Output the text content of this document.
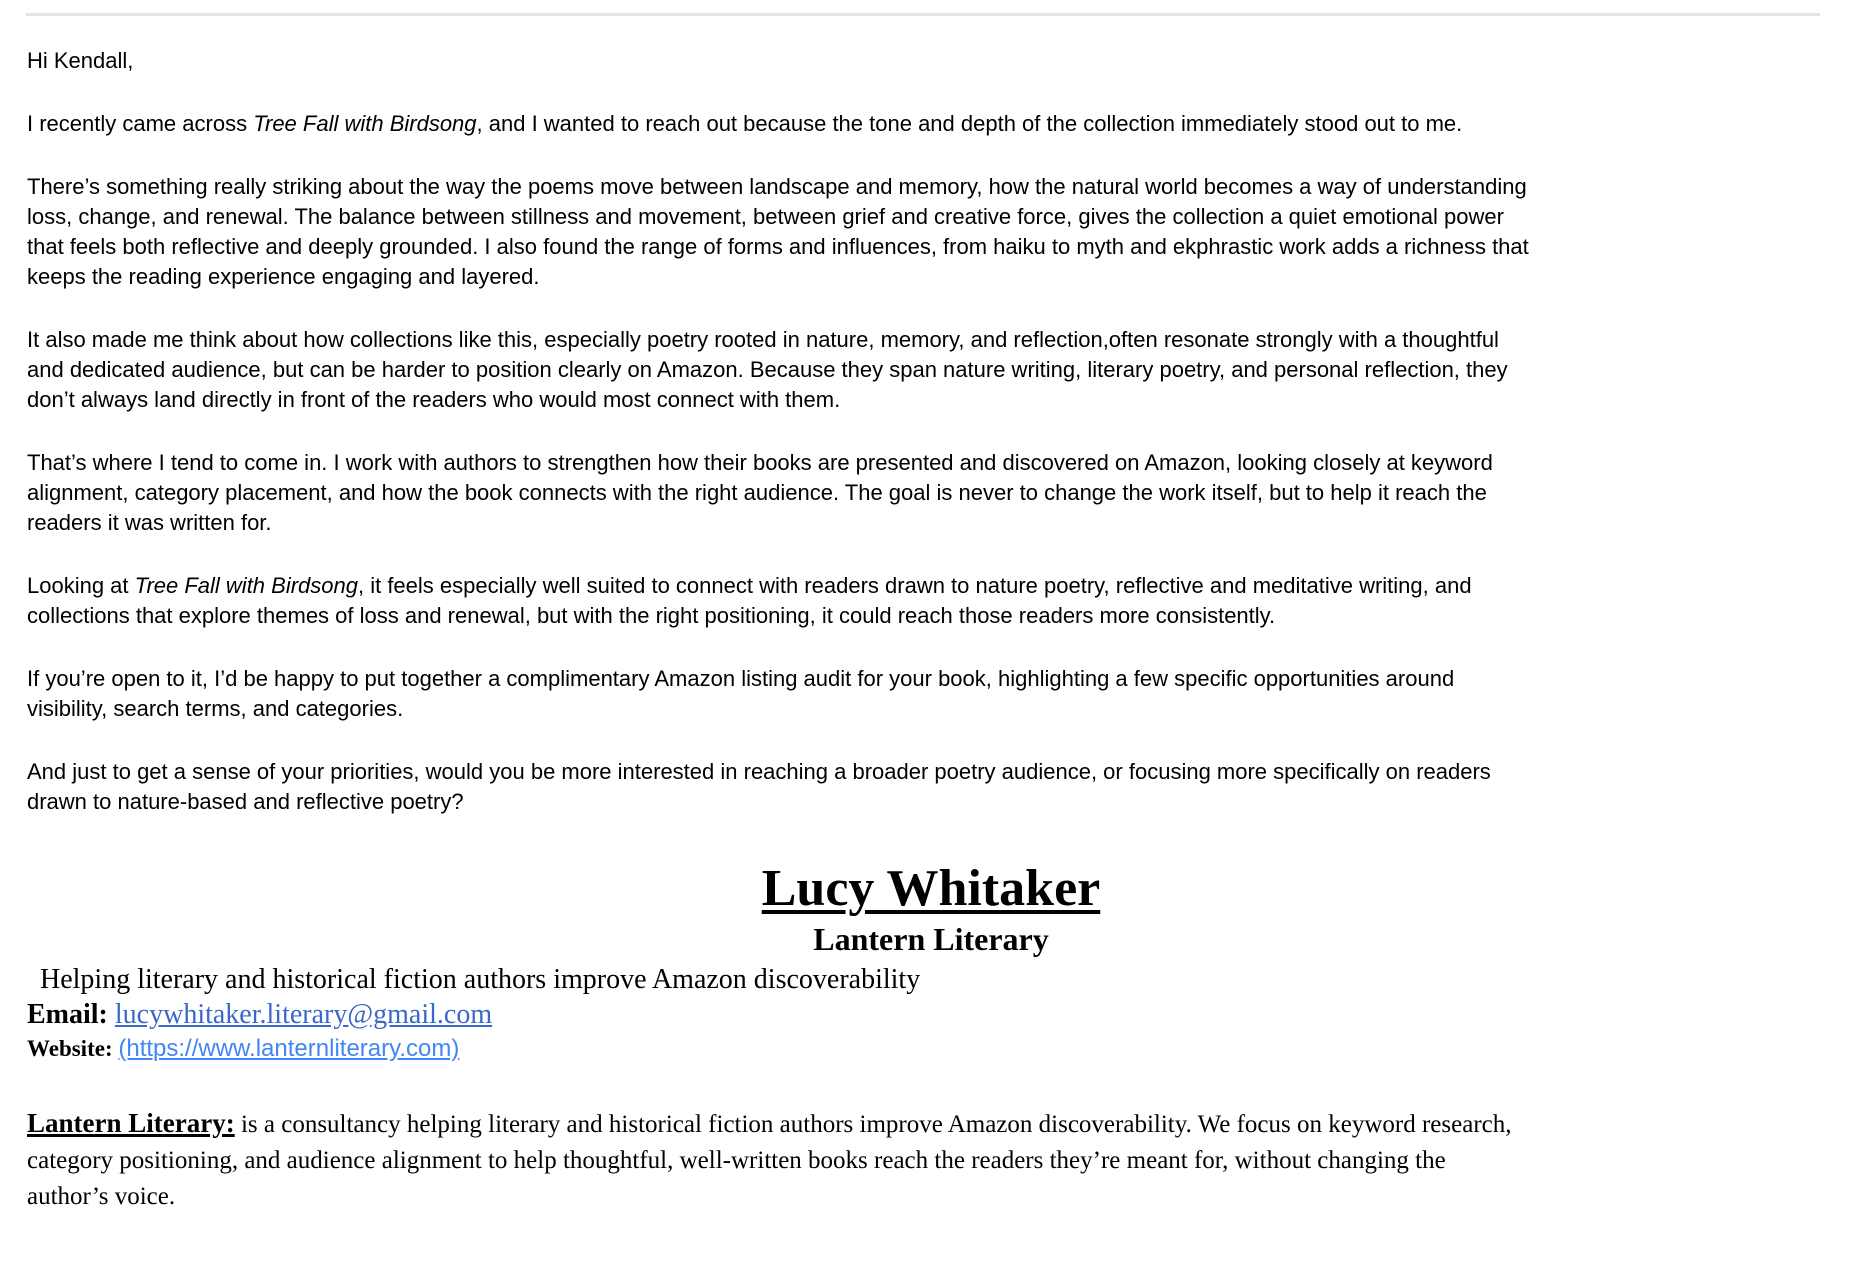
Hi Kendall,

I recently came across Tree Fall with Birdsong, and I wanted to reach out because the tone and depth of the collection immediately stood out to me.

There’s something really striking about the way the poems move between landscape and memory, how the natural world becomes a way of understanding loss, change, and renewal. The balance between stillness and movement, between grief and creative force, gives the collection a quiet emotional power that feels both reflective and deeply grounded. I also found the range of forms and influences, from haiku to myth and ekphrastic work adds a richness that keeps the reading experience engaging and layered.

It also made me think about how collections like this, especially poetry rooted in nature, memory, and reflection,often resonate strongly with a thoughtful and dedicated audience, but can be harder to position clearly on Amazon. Because they span nature writing, literary poetry, and personal reflection, they don’t always land directly in front of the readers who would most connect with them.

That’s where I tend to come in. I work with authors to strengthen how their books are presented and discovered on Amazon, looking closely at keyword alignment, category placement, and how the book connects with the right audience. The goal is never to change the work itself, but to help it reach the readers it was written for.

Looking at Tree Fall with Birdsong, it feels especially well suited to connect with readers drawn to nature poetry, reflective and meditative writing, and collections that explore themes of loss and renewal, but with the right positioning, it could reach those readers more consistently.

If you’re open to it, I’d be happy to put together a complimentary Amazon listing audit for your book, highlighting a few specific opportunities around visibility, search terms, and categories.

And just to get a sense of your priorities, would you be more interested in reaching a broader poetry audience, or focusing more specifically on readers drawn to nature-based and reflective poetry?

Lucy Whitaker
Lantern Literary
Helping literary and historical fiction authors improve Amazon discoverability
Email: lucywhitaker.literary@gmail.com
Website: (https://www.lanternliterary.com)

Lantern Literary: is a consultancy helping literary and historical fiction authors improve Amazon discoverability. We focus on keyword research, category positioning, and audience alignment to help thoughtful, well-written books reach the readers they’re meant for, without changing the author’s voice.
